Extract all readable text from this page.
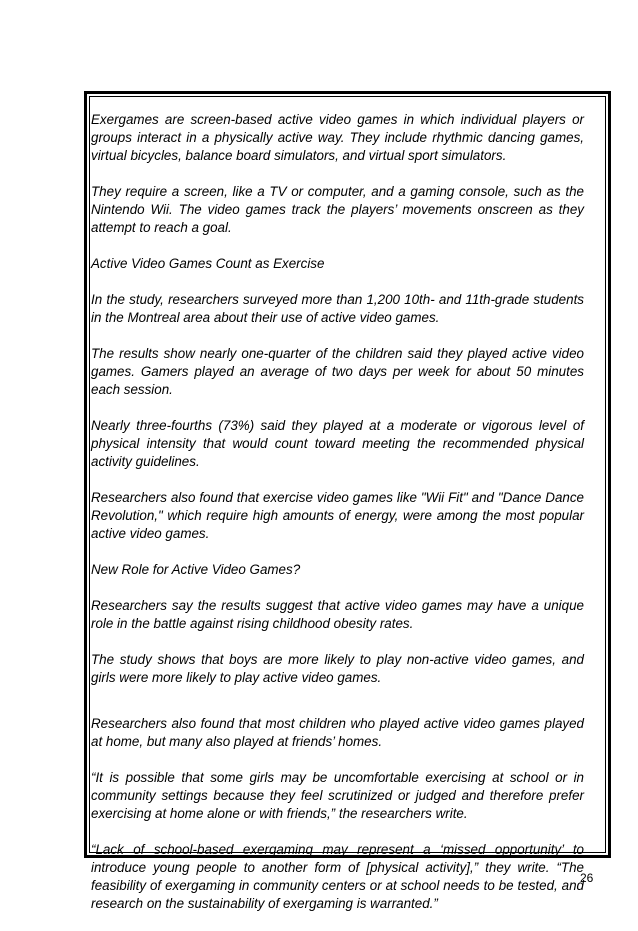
Exergames are screen-based active video games in which individual players or groups interact in a physically active way. They include rhythmic dancing games, virtual bicycles, balance board simulators, and virtual sport simulators.

They require a screen, like a TV or computer, and a gaming console, such as the Nintendo Wii. The video games track the players’ movements onscreen as they attempt to reach a goal.

Active Video Games Count as Exercise

In the study, researchers surveyed more than 1,200 10th- and 11th-grade students in the Montreal area about their use of active video games.

The results show nearly one-quarter of the children said they played active video games. Gamers played an average of two days per week for about 50 minutes each session.

Nearly three-fourths (73%) said they played at a moderate or vigorous level of physical intensity that would count toward meeting the recommended physical activity guidelines.

Researchers also found that exercise video games like "Wii Fit" and "Dance Dance Revolution," which require high amounts of energy, were among the most popular active video games.

New Role for Active Video Games?

Researchers say the results suggest that active video games may have a unique role in the battle against rising childhood obesity rates.

The study shows that boys are more likely to play non-active video games, and girls were more likely to play active video games.

Researchers also found that most children who played active video games played at home, but many also played at friends’ homes.

“It is possible that some girls may be uncomfortable exercising at school or in community settings because they feel scrutinized or judged and therefore prefer exercising at home alone or with friends,” the researchers write.

“Lack of school-based exergaming may represent a ‘missed opportunity’ to introduce young people to another form of [physical activity],” they write. “The feasibility of exergaming in community centers or at school needs to be tested, and research on the sustainability of exergaming is warranted.”

26
